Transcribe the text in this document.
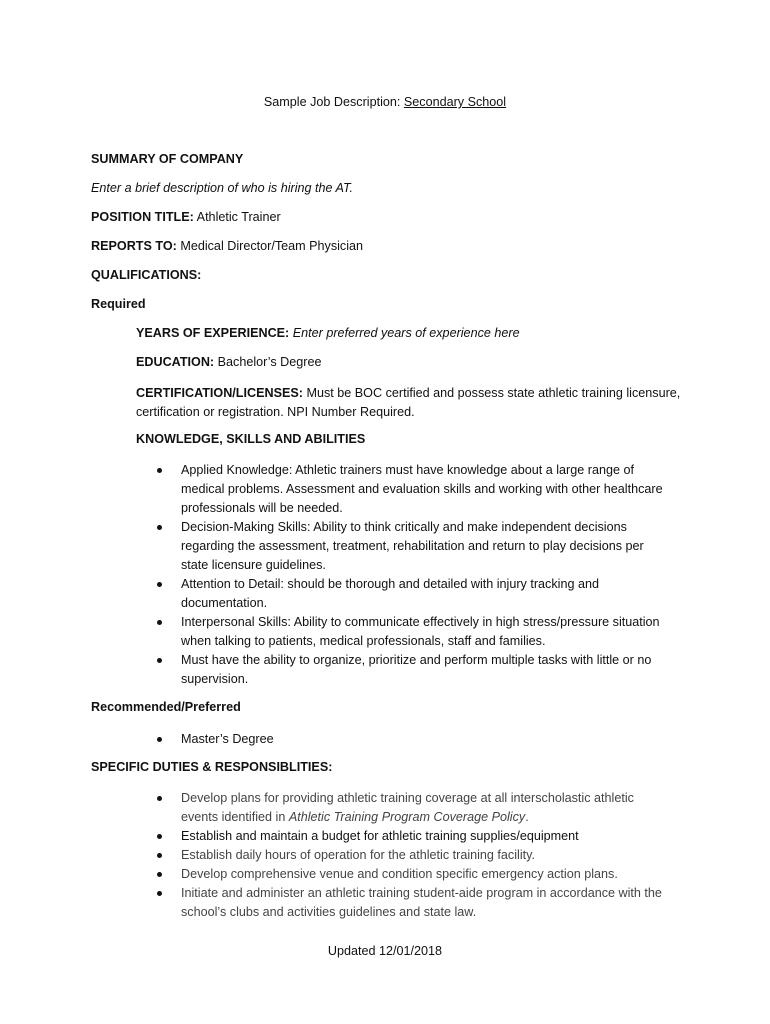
Sample Job Description: Secondary School
SUMMARY OF COMPANY
Enter a brief description of who is hiring the AT.
POSITION TITLE: Athletic Trainer
REPORTS TO: Medical Director/Team Physician
QUALIFICATIONS:
Required
YEARS OF EXPERIENCE: Enter preferred years of experience here
EDUCATION: Bachelor’s Degree
CERTIFICATION/LICENSES: Must be BOC certified and possess state athletic training licensure,
certification or registration. NPI Number Required.
KNOWLEDGE, SKILLS AND ABILITIES
Applied Knowledge: Athletic trainers must have knowledge about a large range of
medical problems. Assessment and evaluation skills and working with other healthcare
professionals will be needed.
Decision-Making Skills: Ability to think critically and make independent decisions
regarding the assessment, treatment, rehabilitation and return to play decisions per
state licensure guidelines.
Attention to Detail: should be thorough and detailed with injury tracking and
documentation.
Interpersonal Skills: Ability to communicate effectively in high stress/pressure situation
when talking to patients, medical professionals, staff and families.
Must have the ability to organize, prioritize and perform multiple tasks with little or no
supervision.
Recommended/Preferred
Master’s Degree
SPECIFIC DUTIES & RESPONSIBLITIES:
Develop plans for providing athletic training coverage at all interscholastic athletic
events identified in Athletic Training Program Coverage Policy.
Establish and maintain a budget for athletic training supplies/equipment
Establish daily hours of operation for the athletic training facility.
Develop comprehensive venue and condition specific emergency action plans.
Initiate and administer an athletic training student-aide program in accordance with the
school’s clubs and activities guidelines and state law.
Updated 12/01/2018
